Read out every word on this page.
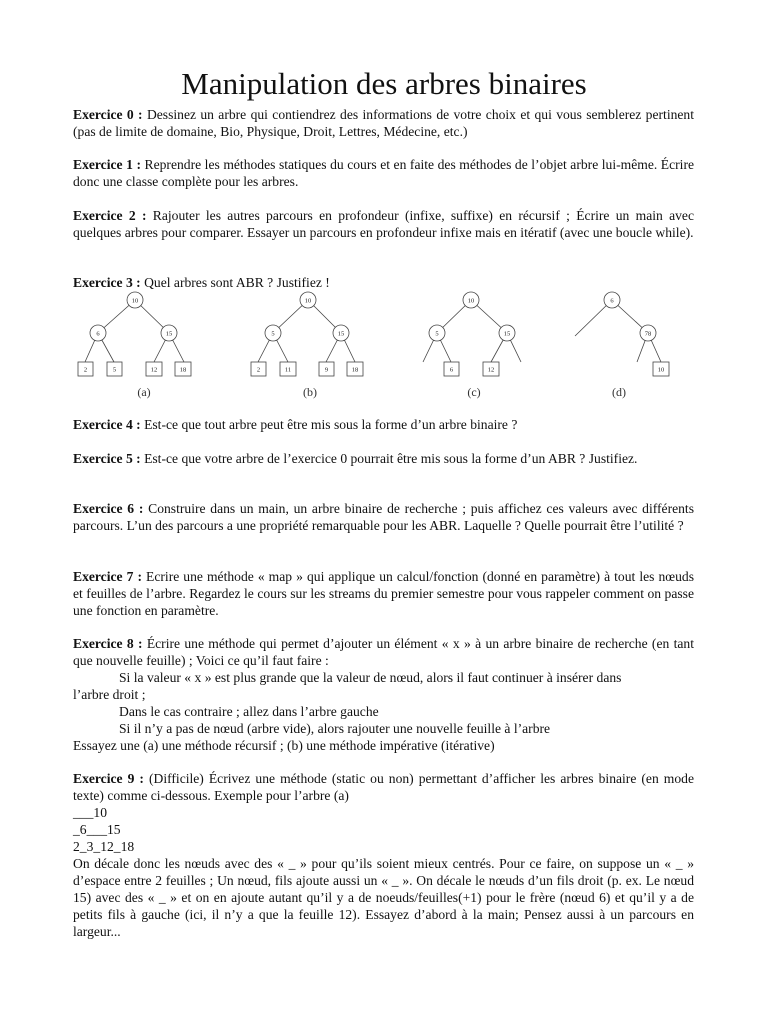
Manipulation des arbres binaires

Exercice 0 : Dessinez un arbre qui contiendrez des informations de votre choix et qui vous semblerez pertinent (pas de limite de domaine, Bio, Physique, Droit, Lettres, Médecine, etc.)

Exercice 1 : Reprendre les méthodes statiques du cours et en faite des méthodes de l’objet arbre lui-même. Écrire donc une classe complète pour les arbres.

Exercice 2 : Rajouter les autres parcours en profondeur (infixe, suffixe) en récursif ; Écrire un main avec quelques arbres pour comparer. Essayer un parcours en profondeur infixe mais en itératif (avec une boucle while).

Exercice 3 : Quel arbres sont ABR ? Justifiez !

10
6	15
2	5	12	18
10
5	15
2	11	9	18
10
5	15
6	12
6
78
10
(a)	(b)	(c)	(d)

Exercice 4 : Est-ce que tout arbre peut être mis sous la forme d’un arbre binaire ?

Exercice 5 : Est-ce que votre arbre de l’exercice 0 pourrait être mis sous la forme d’un ABR ? Justifiez.

Exercice 6 : Construire dans un main, un arbre binaire de recherche ; puis affichez ces valeurs avec différents parcours. L’un des parcours a une propriété remarquable pour les ABR. Laquelle ? Quelle pourrait être l’utilité ?

Exercice 7 : Ecrire une méthode « map » qui applique un calcul/fonction (donné en paramètre) à tout les nœuds et feuilles de l’arbre. Regardez le cours sur les streams du premier semestre pour vous rappeler comment on passe une fonction en paramètre.

Exercice 8 : Écrire une méthode qui permet d’ajouter un élément « x » à un arbre binaire de recherche (en tant que nouvelle feuille) ; Voici ce qu’il faut faire :
Si la valeur « x » est plus grande que la valeur de nœud, alors il faut continuer à insérer dans
l’arbre droit ;
Dans le cas contraire ; allez dans l’arbre gauche
Si il n’y a pas de nœud (arbre vide), alors rajouter une nouvelle feuille à l’arbre
Essayez une (a) une méthode récursif ; (b) une méthode impérative (itérative)
Exercice 9 : (Difficile) Écrivez une méthode (static ou non) permettant d’afficher les arbres binaire (en mode texte) comme ci-dessous. Exemple pour l’arbre (a)
___10
_6___15
2_3_12_18
On décale donc les nœuds avec des « _ » pour qu’ils soient mieux centrés. Pour ce faire, on suppose un « _ » d’espace entre 2 feuilles ; Un nœud, fils ajoute aussi un « _ ». On décale le nœuds d’un fils droit (p. ex. Le nœud 15) avec des « _ » et on en ajoute autant qu’il y a de noeuds/feuilles(+1) pour le frère (nœud 6) et qu’il y a de petits fils à gauche (ici, il n’y a que la feuille 12). Essayez d’abord à la main; Pensez aussi à un parcours en largeur...
